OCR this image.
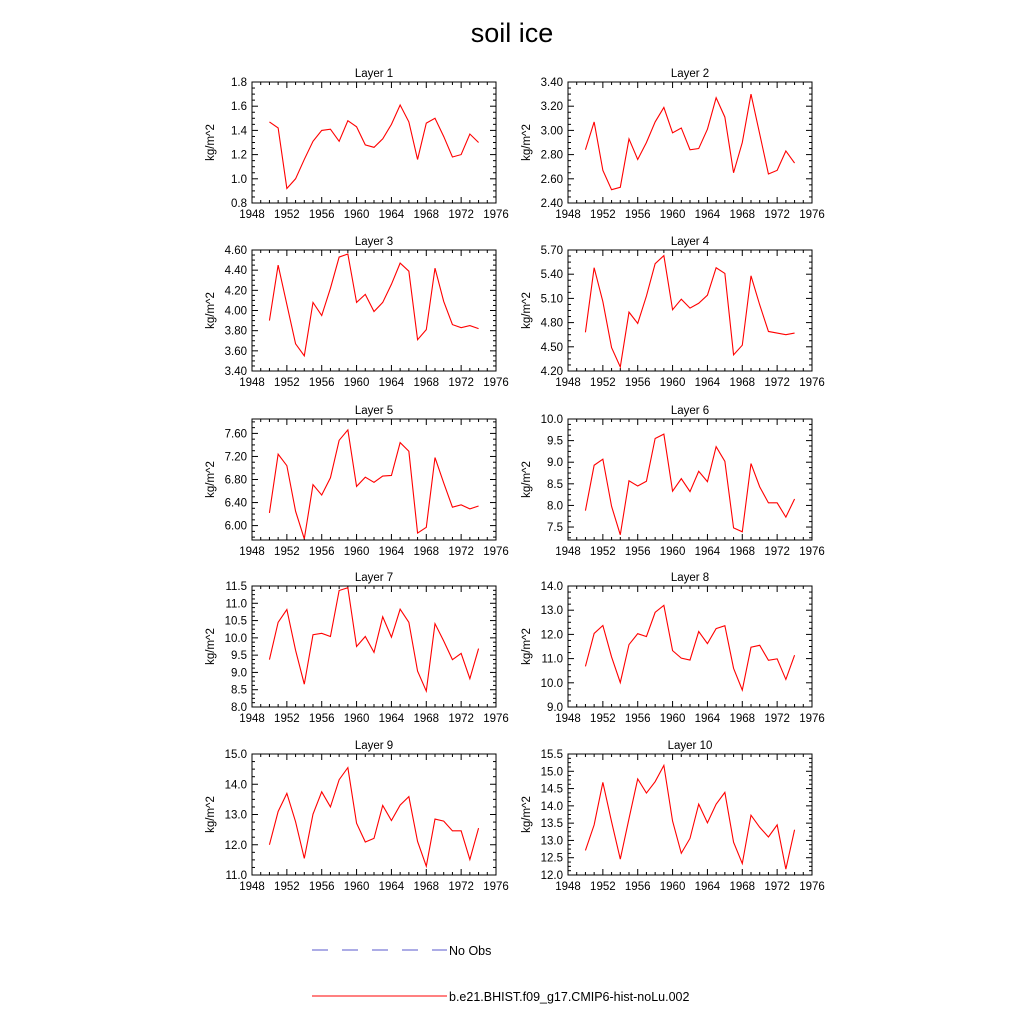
soil ice
Layer 1
kg/m^2
1948 1952 1956 1960 1964 1968 1972 1976
0.8
1.0
1.2
1.4
1.6
1.8
Layer 2
kg/m^2
1948 1952 1956 1960 1964 1968 1972 1976
2.40
2.60
2.80
3.00
3.20
3.40
Layer 3
kg/m^2
1948 1952 1956 1960 1964 1968 1972 1976
3.40
3.60
3.80
4.00
4.20
4.40
4.60
Layer 4
kg/m^2
1948 1952 1956 1960 1964 1968 1972 1976
4.20
4.50
4.80
5.10
5.40
5.70
Layer 5
kg/m^2
1948 1952 1956 1960 1964 1968 1972 1976
6.00
6.40
6.80
7.20
7.60
Layer 6
kg/m^2
1948 1952 1956 1960 1964 1968 1972 1976
7.5
8.0
8.5
9.0
9.5
10.0
Layer 7
kg/m^2
1948 1952 1956 1960 1964 1968 1972 1976
8.0
8.5
9.0
9.5
10.0
10.5
11.0
11.5
Layer 8
kg/m^2
1948 1952 1956 1960 1964 1968 1972 1976
9.0
10.0
11.0
12.0
13.0
14.0
Layer 9
kg/m^2
1948 1952 1956 1960 1964 1968 1972 1976
11.0
12.0
13.0
14.0
15.0
Layer 10
kg/m^2
1948 1952 1956 1960 1964 1968 1972 1976
12.0
12.5
13.0
13.5
14.0
14.5
15.0
15.5
No Obs
b.e21.BHIST.f09_g17.CMIP6-hist-noLu.002
